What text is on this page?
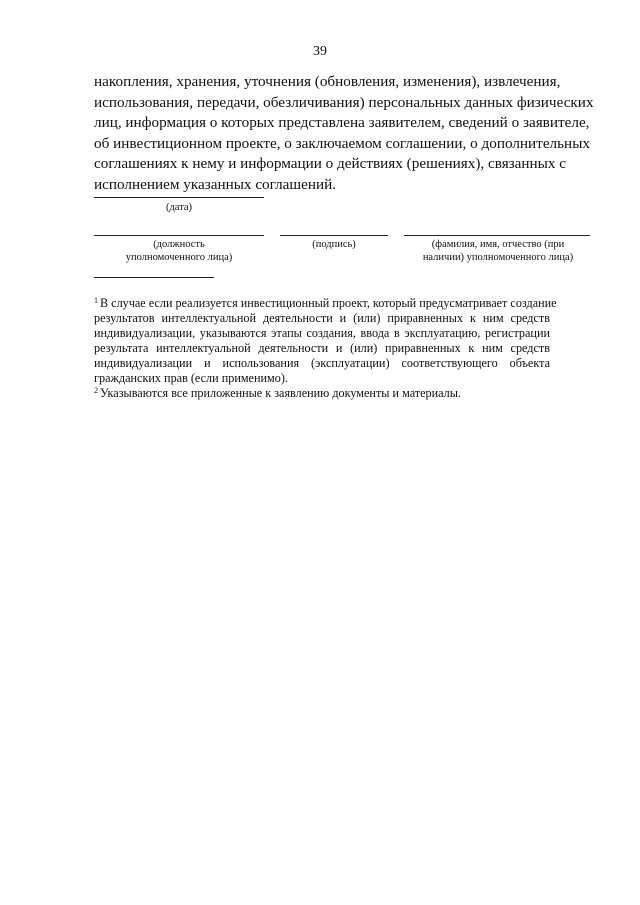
39
накопления, хранения, уточнения (обновления, изменения), извлечения,
использования, передачи, обезличивания) персональных данных физических
лиц, информация о которых представлена заявителем, сведений о заявителе,
об инвестиционном проекте, о заключаемом соглашении, о дополнительных
соглашениях к нему и информации о действиях (решениях), связанных с
исполнением указанных соглашений.
(дата)
(должность
уполномоченного лица)
(подпись)	(фамилия, имя, отчество (при
наличии) уполномоченного лица)
$^1$ В случае если реализуется инвестиционный проект, который предусматривает создание
результатов интеллектуальной деятельности и (или) приравненных к ним средств
индивидуализации, указываются этапы создания, ввода в эксплуатацию, регистрации
результата интеллектуальной деятельности и (или) приравненных к ним средств
индивидуализации и использования (эксплуатации) соответствующего объекта
гражданских прав (если применимо).
$^2$ Указываются все приложенные к заявлению документы и материалы.
